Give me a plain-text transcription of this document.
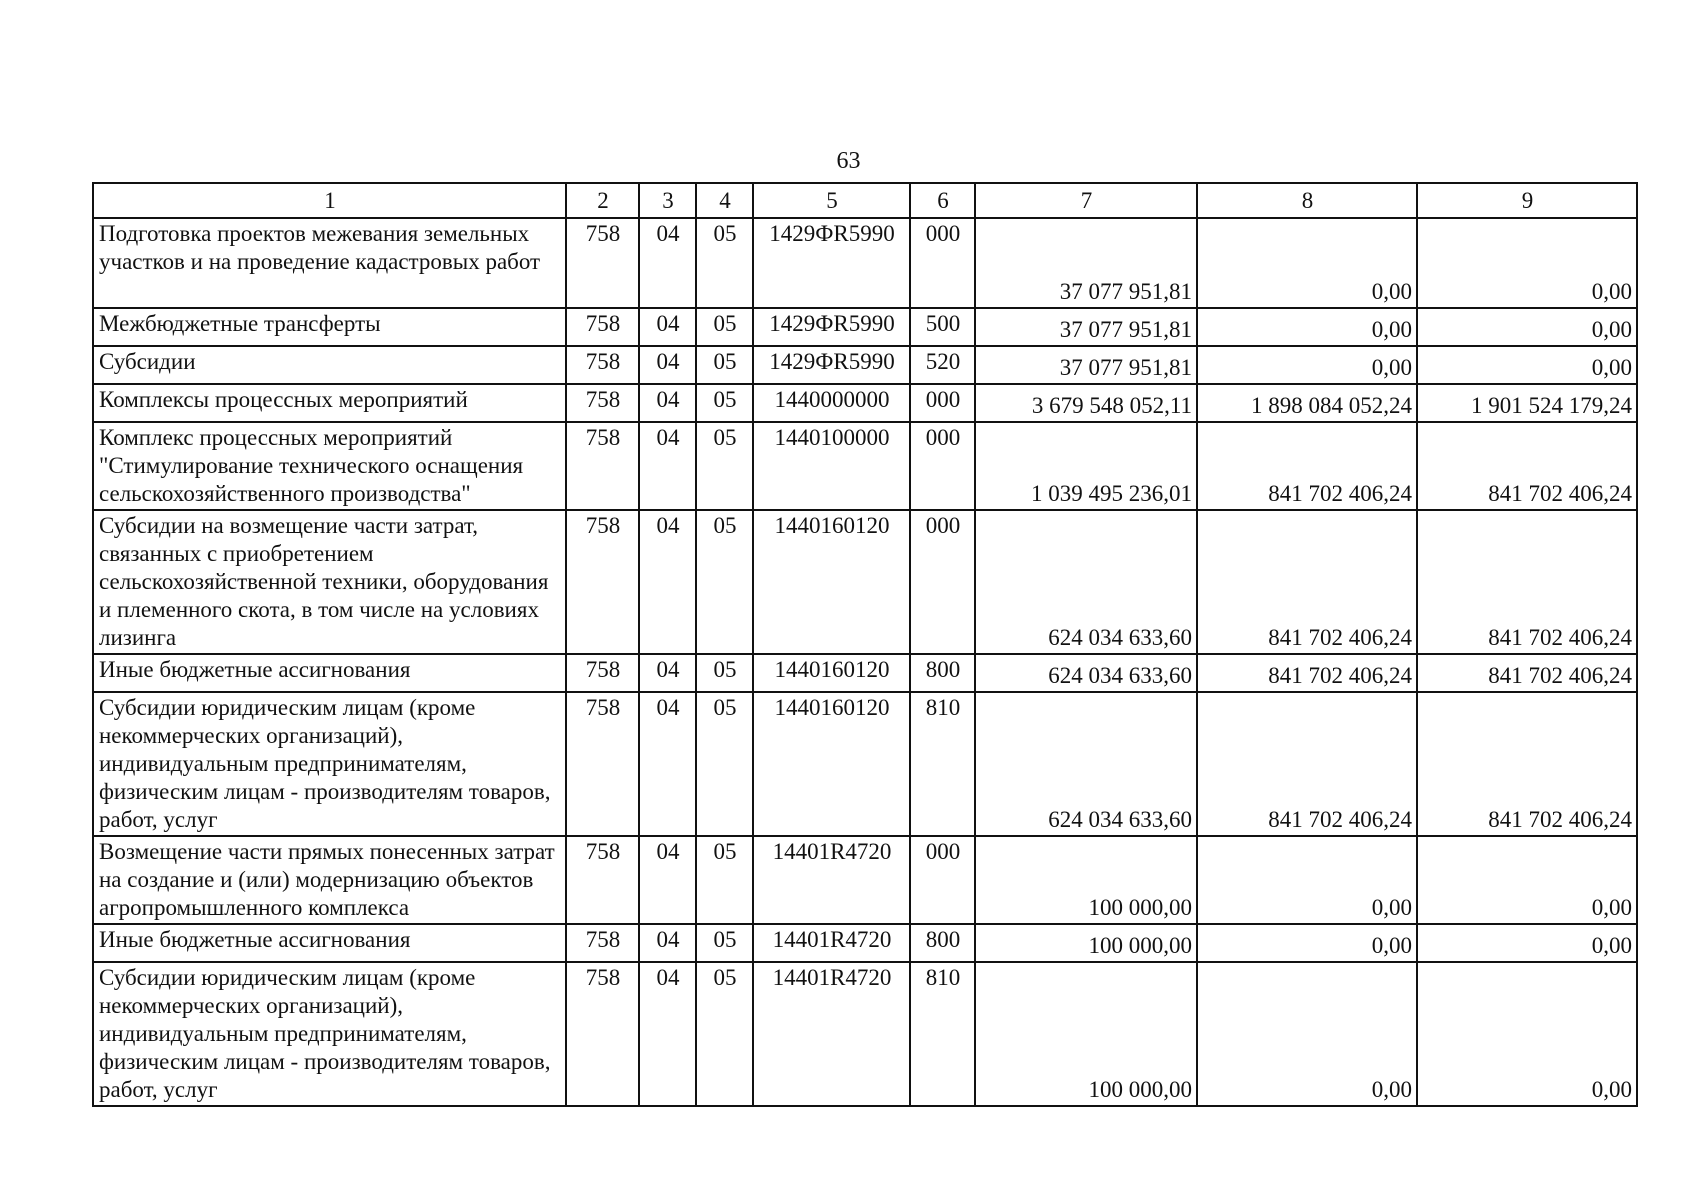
63
1	2	3	4	5	6	7	8	9
Подготовка проектов межевания земельных участков и на проведение кадастровых работ	758	04	05	1429ФR5990	000	37 077 951,81	0,00	0,00
Межбюджетные трансферты	758	04	05	1429ФR5990	500	37 077 951,81	0,00	0,00
Субсидии	758	04	05	1429ФR5990	520	37 077 951,81	0,00	0,00
Комплексы процессных мероприятий	758	04	05	1440000000	000	3 679 548 052,11	1 898 084 052,24	1 901 524 179,24
Комплекс процессных мероприятий "Стимулирование технического оснащения сельскохозяйственного производства"	758	04	05	1440100000	000	1 039 495 236,01	841 702 406,24	841 702 406,24
Субсидии на возмещение части затрат, связанных с приобретением сельскохозяйственной техники, оборудования и племенного скота, в том числе на условиях лизинга	758	04	05	1440160120	000	624 034 633,60	841 702 406,24	841 702 406,24
Иные бюджетные ассигнования	758	04	05	1440160120	800	624 034 633,60	841 702 406,24	841 702 406,24
Субсидии юридическим лицам (кроме некоммерческих организаций), индивидуальным предпринимателям, физическим лицам - производителям товаров, работ, услуг	758	04	05	1440160120	810	624 034 633,60	841 702 406,24	841 702 406,24
Возмещение части прямых понесенных затрат на создание и (или) модернизацию объектов агропромышленного комплекса	758	04	05	14401R4720	000	100 000,00	0,00	0,00
Иные бюджетные ассигнования	758	04	05	14401R4720	800	100 000,00	0,00	0,00
Субсидии юридическим лицам (кроме некоммерческих организаций), индивидуальным предпринимателям, физическим лицам - производителям товаров, работ, услуг	758	04	05	14401R4720	810	100 000,00	0,00	0,00
